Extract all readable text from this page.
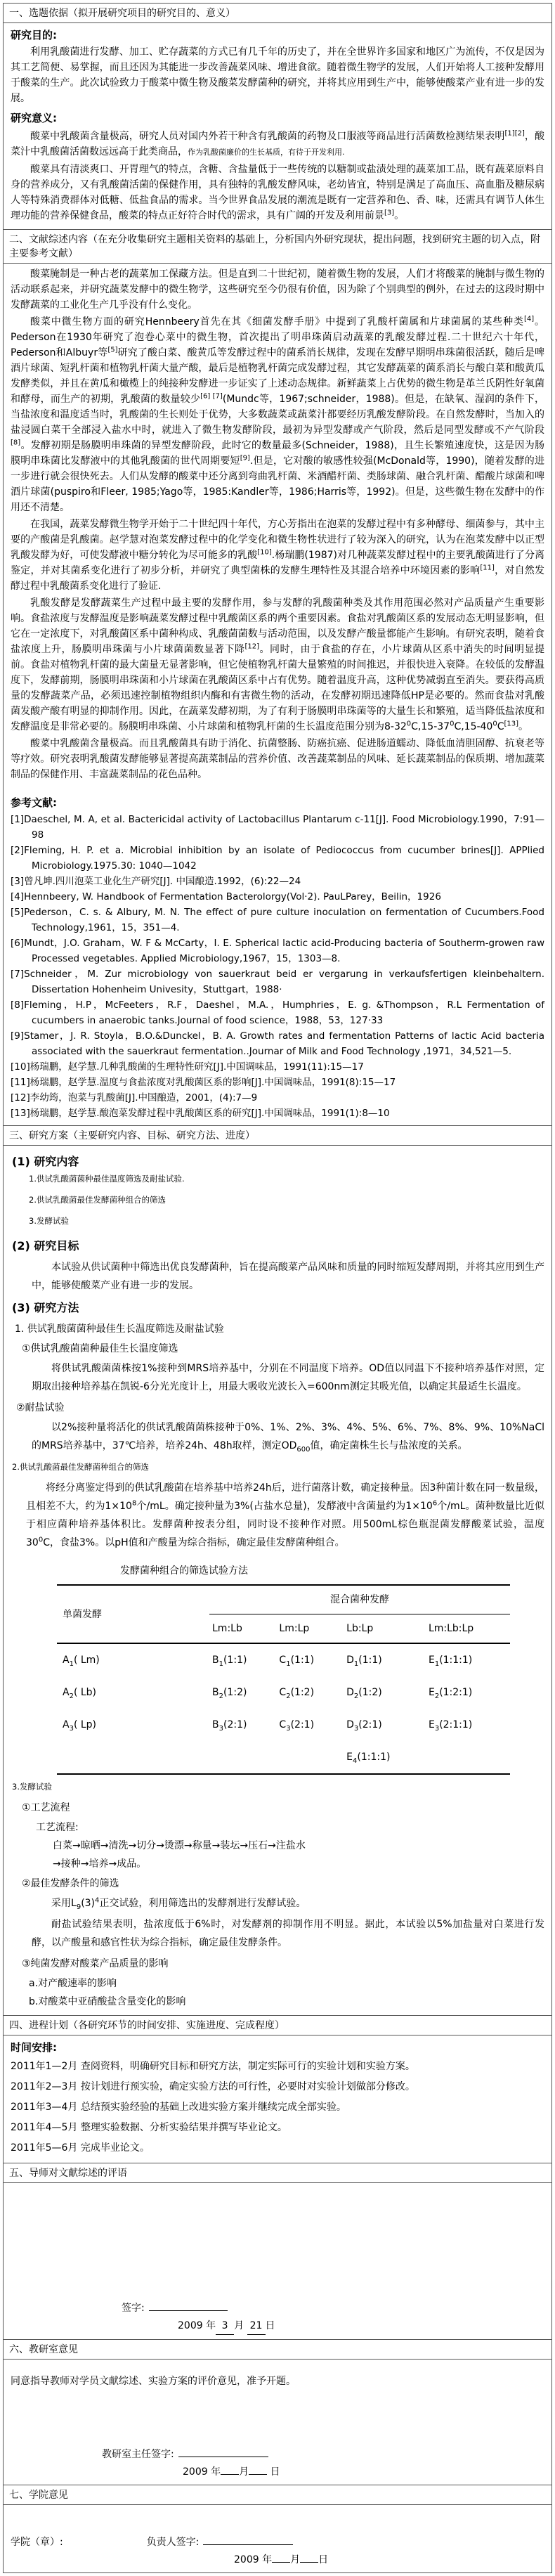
一、选题依据（拟开展研究项目的研究目的、意义）
研究目的:

利用乳酸菌进行发酵、加工、贮存蔬菜的方式已有几千年的历史了，并在全世界许多国家和地区广为流传，不仅是因为其工艺简便、易掌握，而且还因为其能进一步改善蔬菜风味、增进食欲。随着微生物学的发展，人们开始将人工接种发酵用于酸菜的生产。此次试验致力于酸菜中微生物及酸菜发酵菌种的研究，并将其应用到生产中，能够使酸菜产业有进一步的发展。

研究意义:

酸菜中乳酸菌含量极高，研究人员对国内外若干种含有乳酸菌的药物及口服液等商品进行活菌数检测结果表明[1][2]，酸菜汁中乳酸菌活菌数远远高于此类商品，作为乳酸菌廉价的生长基质，有待于开发利用.

酸菜具有清淡爽口、开胃理气的特点，含糖、含盐量低于一些传统的以糖制或盐渍处理的蔬菜加工品，既有蔬菜原料自身的营养成分，又有乳酸菌活菌的保健作用，具有独特的乳酸发酵风味，老幼皆宜，特别是满足了高血压、高血脂及糖尿病人等特殊消费群体对低糖、低盐食品的需求。当今世界食品发展的潮流是既有一定营养和色、香、味，还需具有调节人体生理功能的营养保健食品，酸菜的特点正好符合时代的需求，具有广阔的开发及利用前景[3]。

二、文献综述内容（在充分收集研究主题相关资料的基础上，分析国内外研究现状，提出问题，找到研究主题的切入点，附主要参考文献）

酸菜腌制是一种古老的蔬菜加工保藏方法。但是直到二十世纪初，随着微生物的发展，人们才将酸菜的腌制与微生物的活动联系起来，并研究蔬菜发酵中的微生物学，这些研究至今仍很有价值，因为除了个别典型的例外，在过去的这段时期中发酵蔬菜的工业化生产几乎没有什么变化。

酸菜中微生物方面的研究Hennbeery首先在其《细菌发酵手册》中提到了乳酸杆菌属和片球菌属的某些种类[4]。Pederson在1930年研究了泡卷心菜中的微生物，首次提出了明串珠菌启动蔬菜的乳酸发酵过程.二十世纪六十年代，Pederson和Albuyr等[5]研究了酸白菜、酸黄瓜等发酵过程中的菌系消长规律，发现在发酵早期明串珠菌很活跃，随后是啤酒片球菌、短乳杆菌和植物乳杆菌大量产酸，最后是植物乳杆菌完成发酵过程，其它发酵蔬菜的菌系消长与酸白菜和酸黄瓜发酵类似，并且在黄瓜和橄榄上的纯接种发酵进一步证实了上述动态规律。新鲜蔬菜上占优势的微生物是革兰氏阴性好氧菌和酵母，而生产的初期，乳酸菌的数量较少[6] [7](Mundc等，1967;schneider，1988)。但是，在缺氧、湿润的条件下，当盐浓度和温度适当时，乳酸菌的生长则处于优势，大多数蔬菜或蔬菜汁都要经历乳酸发酵阶段。在自然发酵时，当加入的盐浸圆白菜干全部浸入盐水中时，就进入了微生物发酵阶段，最初为异型发酵或产气阶段，然后是同型发酵或不产气阶段[8]。发酵初期是肠膜明串珠菌的异型发酵阶段，此时它的数量最多(Schneider，1988)，且生长繁殖速度快，这是因为肠膜明串珠菌比发酵液中的其他乳酸菌的世代周期要短[9].但是，它对酸的敏感性较强(McDonald等，1990)，随着发酵的进一步进行就会很快死去。人们从发酵的酸菜中还分离到弯曲乳杆菌、米酒醋杆菌、类肠球菌、融合乳杆菌、醋酸片球菌和啤酒片球菌(puspiro和Fleer, 1985;Yago等，1985:Kandler等，1986;Harris等，1992)。但是，这些微生物在发酵中的作用还不清楚。

在我国，蔬菜发酵微生物学开始于二十世纪四十年代，方心芳指出在泡菜的发酵过程中有多种酵母、细菌参与，其中主要的产酸菌是乳酸菌。赵学慧对泡菜发酵过程中的化学变化和微生物性状进行了较为深入的研究，认为在泡菜发酵中以正型乳酸发酵为好，可使发酵液中糖分转化为尽可能多的乳酸[10].杨瑞鹏(1987)对几种蔬菜发酵过程中的主要乳酸菌进行了分离鉴定，并对其菌系变化进行了初步分析，并研究了典型菌株的发酵生理特性及其混合培养中环境因素的影响[11]，对自然发酵过程中乳酸菌系变化进行了验证.

乳酸发酵是发酵蔬菜生产过程中最主要的发酵作用，参与发酵的乳酸菌种类及其作用范围必然对产品质量产生重要影响。食盐浓度与发酵温度是影响蔬菜发酵过程中乳酸菌区系的两个重要因素。食盐对乳酸菌区系的发展动态无明显影响，但它在一定浓度下，对乳酸菌区系中菌种构成、乳酸菌菌数与活动范围，以及发酵产酸量都能产生影响。有研究表明，随着食盐浓度上升，肠膜明串珠菌与小片球菌菌数显著下降[12]。同时，由于食盐的存在，小片球菌从区系中消失的时间明显提前。食盐对植物乳杆菌的最大菌量无显著影响，但它使植物乳杆菌大量繁殖的时间推迟，并很快进入衰降。在较低的发酵温度下，发酵前期，肠膜明串珠菌和小片球菌在乳酸菌区系中占有优势。随着温度升高，这种优势减弱直至消失。要获得高质量的发酵蔬菜产品，必须迅速控制植物组织内酶和有害微生物的活动，在发酵初期迅速降低HP是必要的。然而食盐对乳酸菌发酸产酸有明显的抑制作用。因此，在蔬菜发酵初期，为了有利于肠膜明串珠菌等的大量生长和繁殖，适当降低盐浓度和发酵温度是非常必要的。肠膜明串珠菌、小片球菌和植物乳杆菌的生长温度范围分别为$8-32^0C,15-37^0C,15-40^0C[13]$。

酸菜中乳酸菌含量极高。而且乳酸菌具有助于消化、抗菌整肠、防癌抗癌、促进肠道蠕动、降低血清胆固醇、抗衰老等等疗效。研究表明乳酸菌发酵能够显著提高蔬菜制品的营养价值、改善蔬菜制品的风味、延长蔬菜制品的保质期、增加蔬菜制品的保健作用、丰富蔬菜制品的花色品种。

参考文献:
[1]Daeschel, M. A, et al. Bactericidal activity of Lactobacillus Plantarum c-11[J]. Food Microbiology.1990，7:91—98
[2]Fleming, H. P. et a. Microbial inhibition by an isolate of Pediococcus from cucumber brines[J]. APPlied Microbiology.1975.30: 1040—1042
[3]曾凡坤.四川泡菜工业化生产研究[J]. 中国酿造.1992，(6):22—24
[4]Hennbeery, W. Handbook of Fermentation Bacterolorgy(Vol·2). PauLParey，Beilin，1926
[5]Pederson，C. s. & Albury, M. N. The effect of pure culture inoculation on fermentation of Cucumbers.Food Technology,1961，15，351—4.
[6]Mundt，J.O. Graham，W. F & McCarty，I. E. Spherical lactic acid-Producing bacteria of Southerm-growen raw Processed vegetables. Applied Microbiology,1967，15，1303—8.
[7]Schneider，M. Zur microbiology von sauerkraut beid er vergarung in verkaufsfertigen kleinbehaltern. Dissertation Hohenheim Univesity，Stuttgart，1988·
[8]Fleming，H.P，McFeeters，R.F，Daeshel，M.A.，Humphries，E. g. &Thompson，R.L Fermentation of cucumbers in anaerobic tanks.Journal of food science，1988，53，127·33
[9]Stamer，J. R. Stoyla，B.O.&Dunckel，B. A. Growth rates and fermentation Patterns of lactic Acid bacteria associated with the sauerkraut fermentation..Journar of Milk and Food Technology ,1971，34,521—5.
[10]杨瑞鹏，赵学慧.几种乳酸菌的生理特性研究[J].中国调味品，1991(11):15—17
[11]杨瑞鹏，赵学慧.温度与食盐浓度对乳酸菌区系的影响[J].中国调味品，1991(8):15—17
[12]李幼筠，泡菜与乳酸菌[J].中国酿造，2001，(4):7—9
[13]杨瑞鹏，赵学慧.酸泡菜发酵过程中乳酸菌区系的研究[J].中国调味品，1991(1):8—10
三、研究方案（主要研究内容、目标、研究方法、进度）
(1) 研究内容
1.供试乳酸菌菌种最佳温度筛选及耐盐试验.
2.供试乳酸菌最佳发酵菌种组合的筛选
3.发酵试验
(2) 研究目标

本试验从供试菌种中筛选出优良发酵菌种，旨在提高酸菜产品风味和质量的同时缩短发酵周期，并将其应用到生产中，能够使酸菜产业有进一步的发展。

(3) 研究方法
1. 供试乳酸菌菌种最佳生长温度筛选及耐盐试验
①供试乳酸菌菌种最佳生长温度筛选

将供试乳酸菌菌株按1%接种到MRS培养基中，分别在不同温度下培养。OD值以同温下不接种培养基作对照，定期取出接种培养基在凯锐-6分光光度计上，用最大吸收光波长入=600nm测定其吸光值，以确定其最适生长温度。

②耐盐试验

以2%接种量将活化的供试乳酸菌菌株接种于0%、1%、2%、3%、4%、5%、6%、7%、8%、9%、10%NaCl的MRS培养基中，37℃培养，培养24h、48h取样，测定$OD_{600}$值，确定菌株生长与盐浓度的关系。

2.供试乳酸菌最佳发酵菌种组合的筛选

将经分离鉴定得到的供试乳酸菌在培养基中培养24h后，进行菌落计数，确定接种量。因3种菌计数在同一数量级，且相差不大，约为$1\times 10^8$个/mL。确定接种量为3%(占盐水总量)，发酵液中含菌量约为$1\times 10^6$个/mL。菌种数量比近似于相应菌种培养基体积比。发酵菌种按表分组，同时设不接种作对照。用500mL棕色瓶混菌发酵酸菜试验，温度$30^0C$，食盐3%。以pH值和产酸量为综合指标，确定最佳发酵菌种组合。

发酵菌种组合的筛选试验方法
单菌发酵	混合菌种发酵			
	Lm:Lb	Lm:Lp	Lb:Lp	Lm:Lb:Lp
$A_1$( Lm)	$B_1(1:1)$	$C_1(1:1)$	$D_1(1:1)$	$E_1(1:1:1)$
$A_2$( Lb)	$B_2(1:2)$	$C_2(1:2)$	$D_2(1:2)$	$E_2(1:2:1)$
$A_3$( Lp)	$B_3(2:1)$	$C_3(2:1)$	$D_3(2:1)$	$E_3(2:1:1)$
			$E_4(1:1:1)$	
3.发酵试验
①工艺流程
工艺流程:
白菜→晾晒→清洗→切分→烫漂→称量→装坛→压石→注盐水
→接种→培养→成品。
②最佳发酵条件的筛选

采用$L_9(3)^4$正交试验，利用筛选出的发酵剂进行发酵试验。

耐盐试验结果表明，盐浓度低于6%时，对发酵剂的抑制作用不明显。据此，本试验以5%加盐量对白菜进行发酵，以产酸量和感官性状为综合指标，确定最佳发酵条件。

③纯菌发酵对酸菜产品质量的影响
a.对产酸速率的影响
b.对酸菜中亚硝酸盐含量变化的影响
四、进程计划（各研究环节的时间安排、实施进度、完成程度）
时间安排:
2011年1—2月 查阅资料，明确研究目标和研究方法，制定实际可行的实验计划和实验方案。
2011年2—3月 按计划进行预实验，确定实验方法的可行性，必要时对实验计划做部分修改。
2011年3—4月 总结预实验经验的基础上改进实验方案并继续完成全部实验。
2011年4—5月 整理实验数据、分析实验结果并撰写毕业论文。
2011年5—6月 完成毕业论文。
五、导师对文献综述的评语
签字:
2009 年 3 月 21 日
六、教研室意见

同意指导教师对学员文献综述、实验方案的评价意见，准予开题。

教研室主任签字:
2009 年 月 日
七、学院意见
学院（章）:	负责人签字:
2009 年 月 日
